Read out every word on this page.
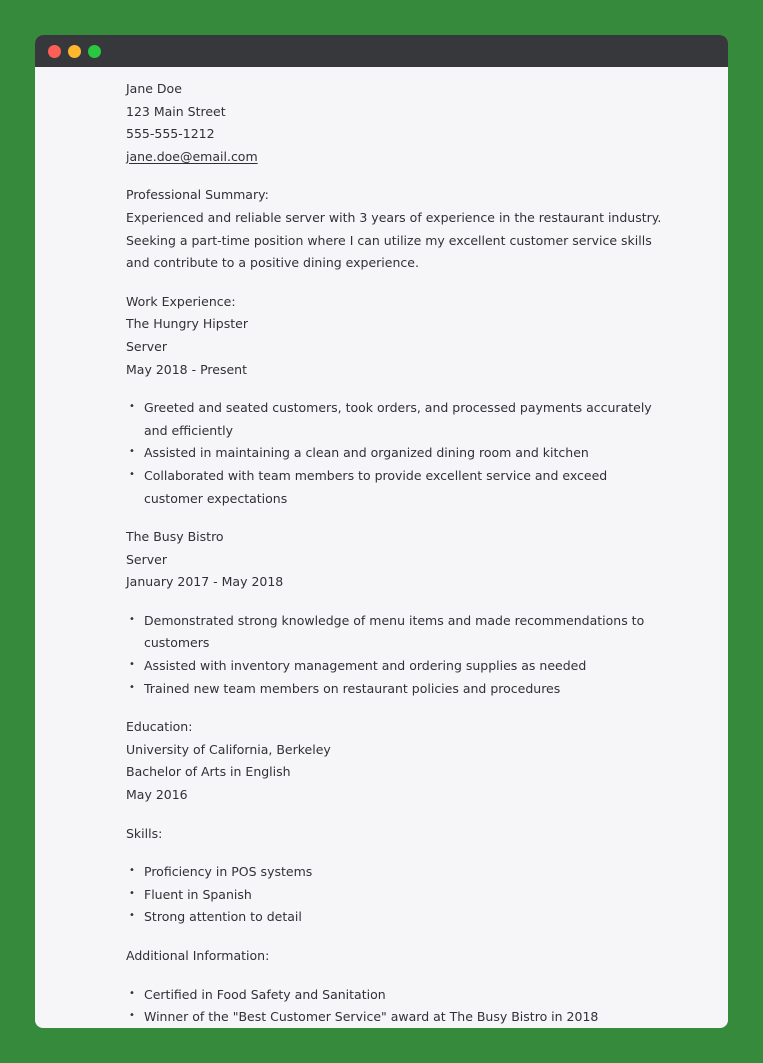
Jane Doe

123 Main Street

555-555-1212

jane.doe@email.com

Professional Summary:

Experienced and reliable server with 3 years of experience in the restaurant industry. Seeking a part-time position where I can utilize my excellent customer service skills and contribute to a positive dining experience.

Work Experience:

The Hungry Hipster

Server

May 2018 - Present

• Greeted and seated customers, took orders, and processed payments accurately and efficiently
• Assisted in maintaining a clean and organized dining room and kitchen
• Collaborated with team members to provide excellent service and exceed customer expectations

The Busy Bistro

Server

January 2017 - May 2018

• Demonstrated strong knowledge of menu items and made recommendations to customers
• Assisted with inventory management and ordering supplies as needed
• Trained new team members on restaurant policies and procedures

Education:

University of California, Berkeley

Bachelor of Arts in English

May 2016

Skills:

• Proficiency in POS systems
• Fluent in Spanish
• Strong attention to detail

Additional Information:

• Certified in Food Safety and Sanitation
• Winner of the "Best Customer Service" award at The Busy Bistro in 2018
